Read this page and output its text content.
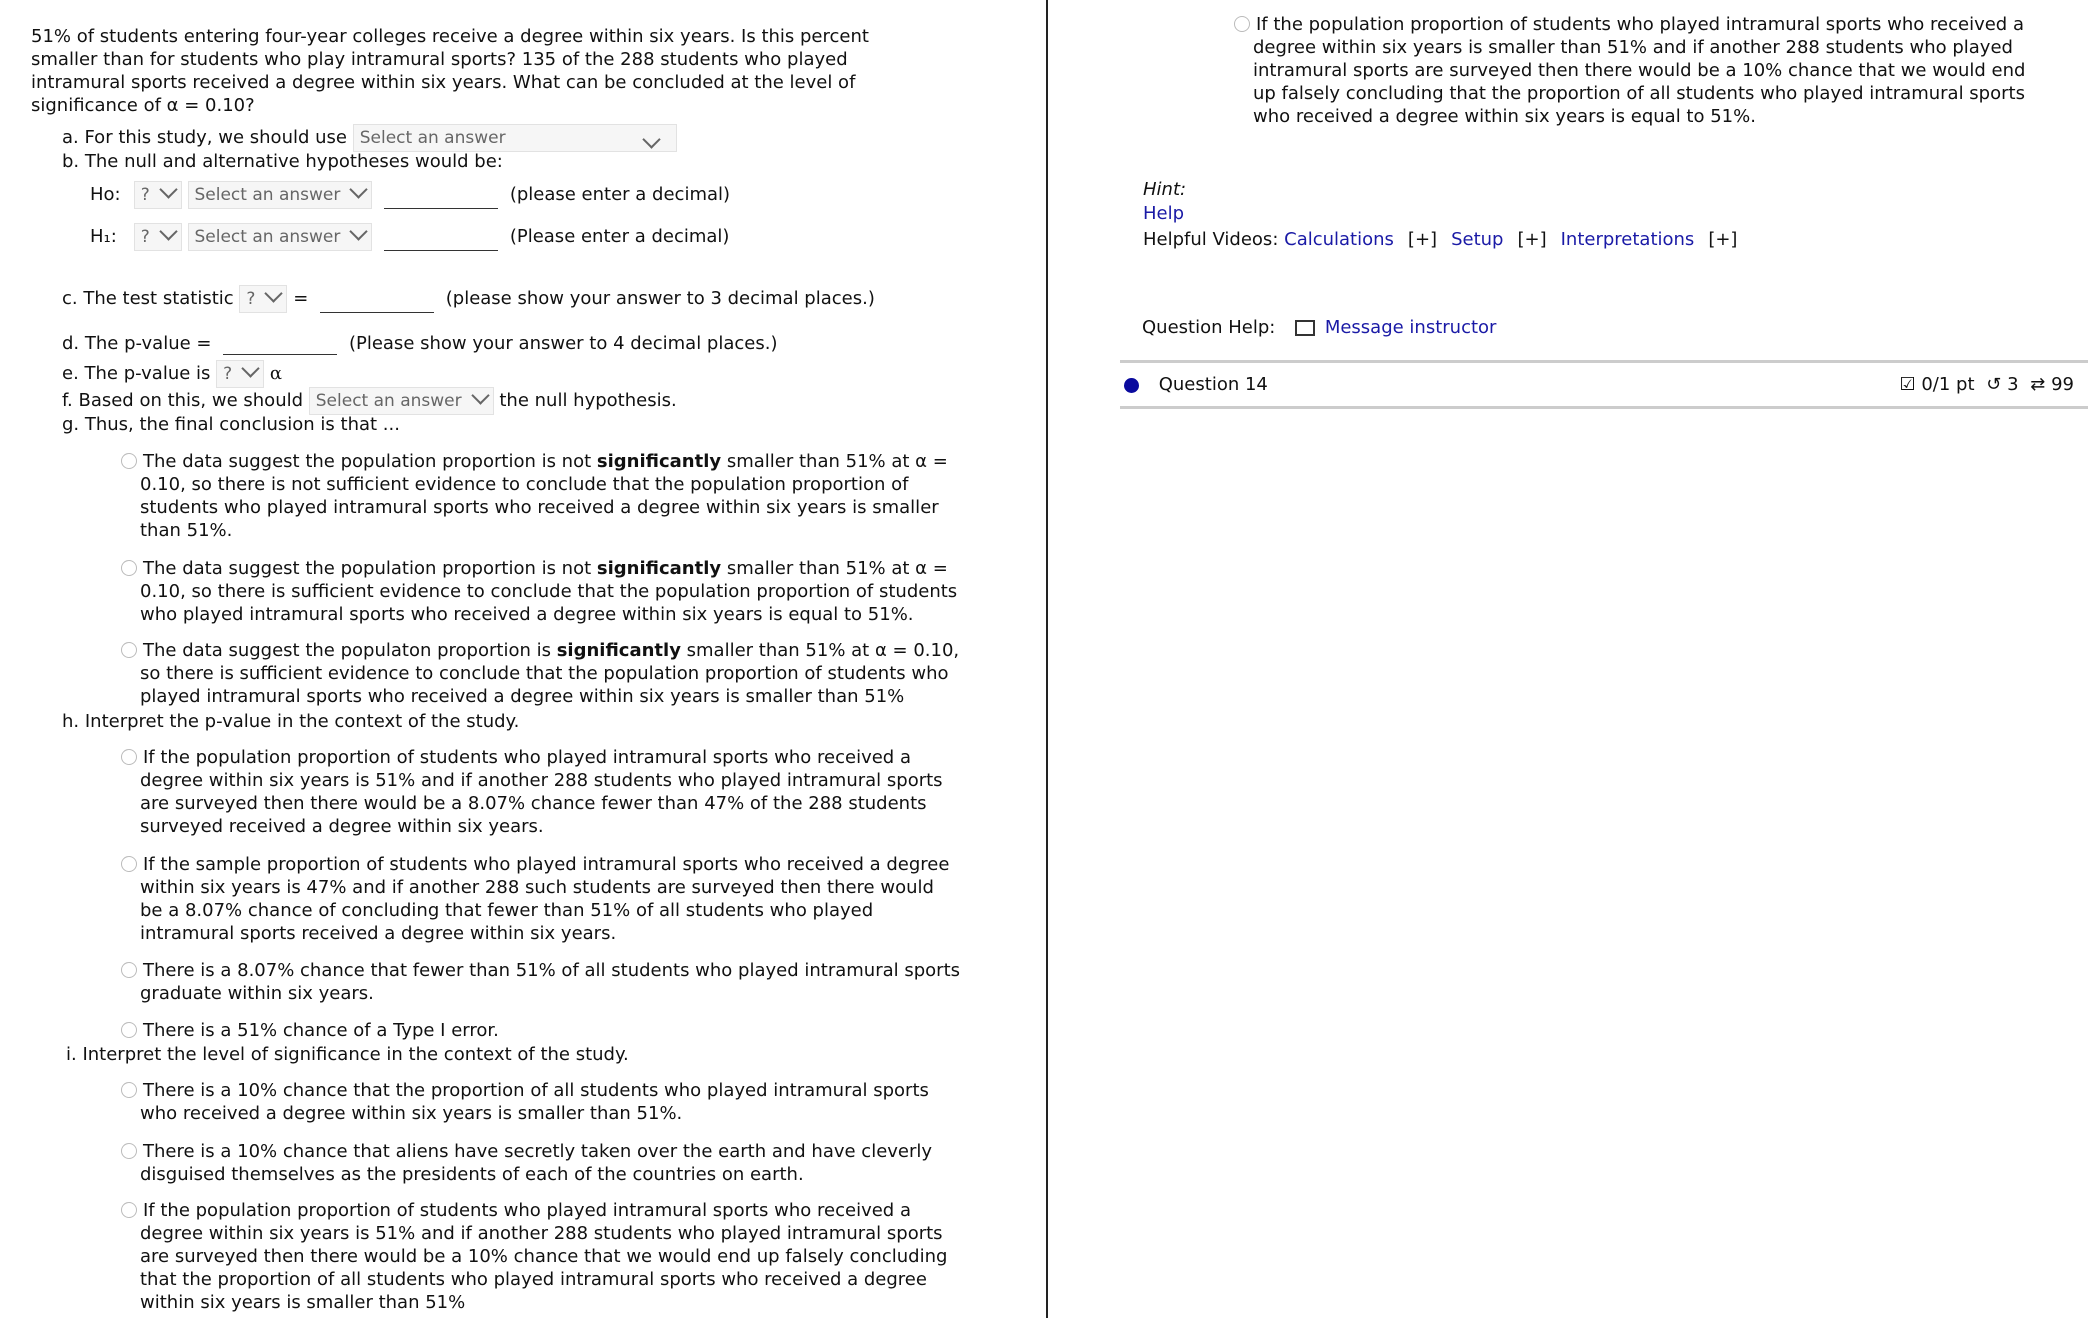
51% of students entering four-year colleges receive a degree within six years. Is this percent smaller than for students who play intramural sports? 135 of the 288 students who played intramural sports received a degree within six years. What can be concluded at the level of significance of α = 0.10?
a. For this study, we should use Select an answer
b. The null and alternative hypotheses would be:
Ho: ?	Select an answer	(please enter a decimal)
H₁: ?	Select an answer	(Please enter a decimal)
c. The test statistic ? =	(please show your answer to 3 decimal places.)
d. The p-value =	(Please show your answer to 4 decimal places.)
e. The p-value is ? α
f. Based on this, we should Select an answer the null hypothesis.
g. Thus, the final conclusion is that ...
The data suggest the population proportion is not significantly smaller than 51% at α = 0.10, so there is not sufficient evidence to conclude that the population proportion of students who played intramural sports who received a degree within six years is smaller than 51%.
The data suggest the population proportion is not significantly smaller than 51% at α = 0.10, so there is sufficient evidence to conclude that the population proportion of students who played intramural sports who received a degree within six years is equal to 51%.
The data suggest the populaton proportion is significantly smaller than 51% at α = 0.10, so there is sufficient evidence to conclude that the population proportion of students who played intramural sports who received a degree within six years is smaller than 51%
h. Interpret the p-value in the context of the study.
If the population proportion of students who played intramural sports who received a degree within six years is 51% and if another 288 students who played intramural sports are surveyed then there would be a 8.07% chance fewer than 47% of the 288 students surveyed received a degree within six years.
If the sample proportion of students who played intramural sports who received a degree within six years is 47% and if another 288 such students are surveyed then there would be a 8.07% chance of concluding that fewer than 51% of all students who played intramural sports received a degree within six years.
There is a 8.07% chance that fewer than 51% of all students who played intramural sports graduate within six years.
There is a 51% chance of a Type I error.
i. Interpret the level of significance in the context of the study.
There is a 10% chance that the proportion of all students who played intramural sports who received a degree within six years is smaller than 51%.
There is a 10% chance that aliens have secretly taken over the earth and have cleverly disguised themselves as the presidents of each of the countries on earth.
If the population proportion of students who played intramural sports who received a degree within six years is 51% and if another 288 students who played intramural sports are surveyed then there would be a 10% chance that we would end up falsely concluding that the proportion of all students who played intramural sports who received a degree within six years is smaller than 51%
If the population proportion of students who played intramural sports who received a degree within six years is smaller than 51% and if another 288 students who played intramural sports are surveyed then there would be a 10% chance that we would end up falsely concluding that the proportion of all students who played intramural sports who received a degree within six years is equal to 51%.
Hint:
Help
Helpful Videos: Calculations [+] Setup [+] Interpretations [+]
Question Help:	Message instructor
Question 14	☑ 0/1 pt ↺ 3 ⇄ 99
